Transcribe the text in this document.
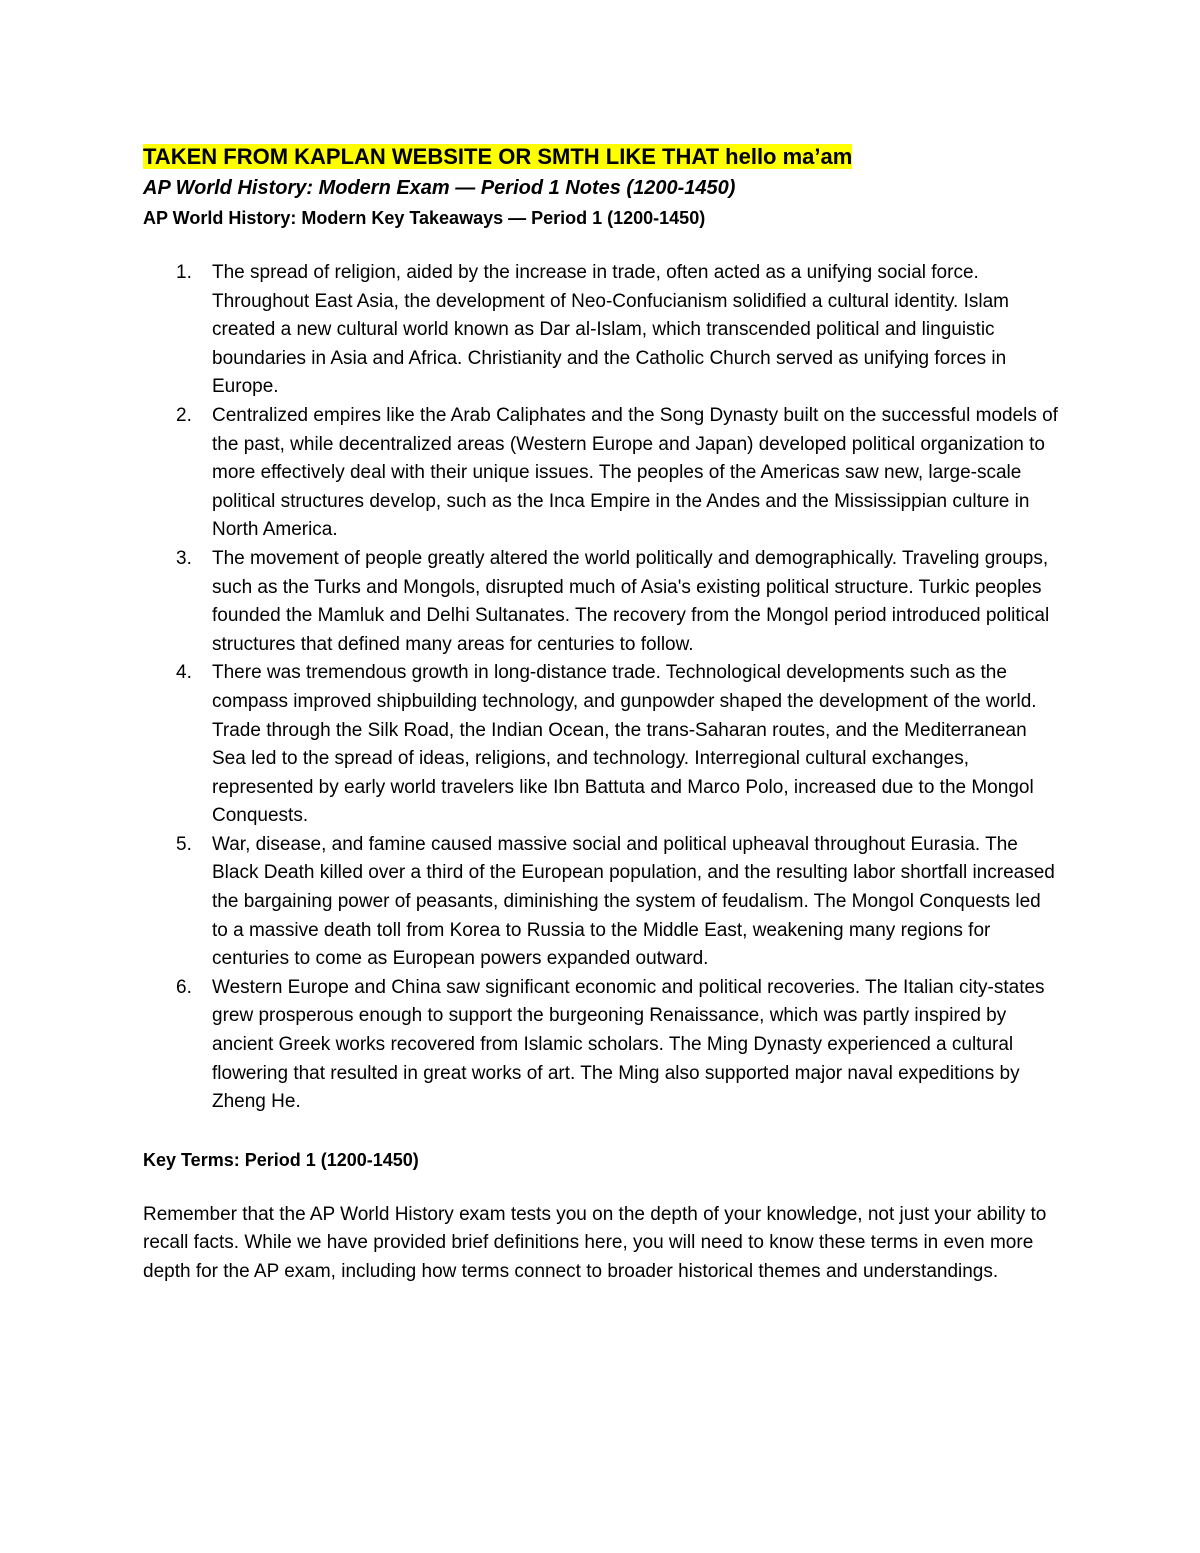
TAKEN FROM KAPLAN WEBSITE OR SMTH LIKE THAT hello ma’am

AP World History: Modern Exam — Period 1 Notes (1200-1450)

AP World History: Modern Key Takeaways — Period 1 (1200-1450)

1. The spread of religion, aided by the increase in trade, often acted as a unifying social force. Throughout East Asia, the development of Neo-Confucianism solidified a cultural identity. Islam created a new cultural world known as Dar al-Islam, which transcended political and linguistic boundaries in Asia and Africa. Christianity and the Catholic Church served as unifying forces in Europe.
2. Centralized empires like the Arab Caliphates and the Song Dynasty built on the successful models of the past, while decentralized areas (Western Europe and Japan) developed political organization to more effectively deal with their unique issues. The peoples of the Americas saw new, large-scale political structures develop, such as the Inca Empire in the Andes and the Mississippian culture in North America.
3. The movement of people greatly altered the world politically and demographically. Traveling groups, such as the Turks and Mongols, disrupted much of Asia's existing political structure. Turkic peoples founded the Mamluk and Delhi Sultanates. The recovery from the Mongol period introduced political structures that defined many areas for centuries to follow.
4. There was tremendous growth in long-distance trade. Technological developments such as the compass improved shipbuilding technology, and gunpowder shaped the development of the world. Trade through the Silk Road, the Indian Ocean, the trans-Saharan routes, and the Mediterranean Sea led to the spread of ideas, religions, and technology. Interregional cultural exchanges, represented by early world travelers like Ibn Battuta and Marco Polo, increased due to the Mongol Conquests.
5. War, disease, and famine caused massive social and political upheaval throughout Eurasia. The Black Death killed over a third of the European population, and the resulting labor shortfall increased the bargaining power of peasants, diminishing the system of feudalism. The Mongol Conquests led to a massive death toll from Korea to Russia to the Middle East, weakening many regions for centuries to come as European powers expanded outward.
6. Western Europe and China saw significant economic and political recoveries. The Italian city-states grew prosperous enough to support the burgeoning Renaissance, which was partly inspired by ancient Greek works recovered from Islamic scholars. The Ming Dynasty experienced a cultural flowering that resulted in great works of art. The Ming also supported major naval expeditions by Zheng He.

Key Terms: Period 1 (1200-1450)

Remember that the AP World History exam tests you on the depth of your knowledge, not just your ability to recall facts. While we have provided brief definitions here, you will need to know these terms in even more depth for the AP exam, including how terms connect to broader historical themes and understandings.
